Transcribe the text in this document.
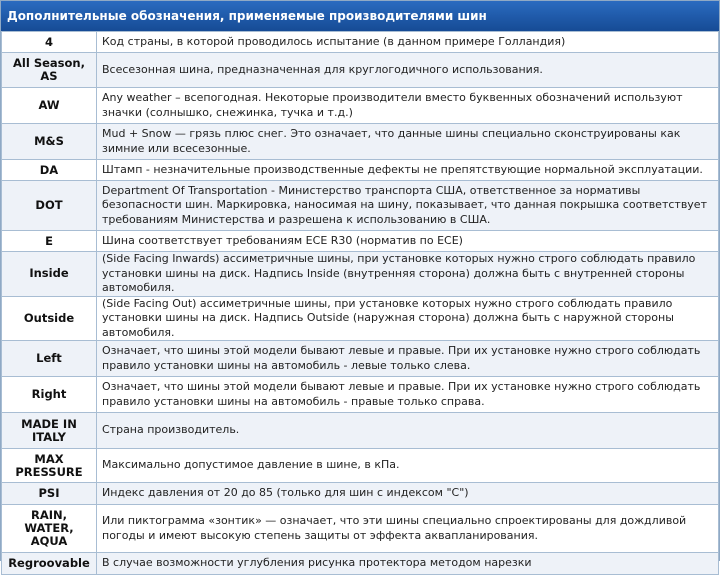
Дополнительные обозначения, применяемые производителями шин
4	Код страны, в которой проводилось испытание (в данном примере Голландия)
All Season, AS	Всесезонная шина, предназначенная для круглогодичного использования.
AW	Any weather – всепогодная. Некоторые производители вместо буквенных обозначений используют значки (солнышко, снежинка, тучка и т.д.)
M&S	Mud + Snow — грязь плюс снег. Это означает, что данные шины специально сконструированы как зимние или всесезонные.
DA	Штамп - незначительные производственные дефекты не препятствующие нормальной эксплуатации.
DOT	Department Of Transportation - Министерство транспорта США, ответственное за нормативы безопасности шин. Маркировка, наносимая на шину, показывает, что данная покрышка соответствует требованиям Министерства и разрешена к использованию в США.
E	Шина соответствует требованиям ECE R30 (норматив по ECE)
Inside	(Side Facing Inwards) ассиметричные шины, при установке которых нужно строго соблюдать правило установки шины на диск. Надпись Inside (внутренняя сторона) должна быть с внутренней стороны автомобиля.
Outside	(Side Facing Out) ассиметричные шины, при установке которых нужно строго соблюдать правило установки шины на диск. Надпись Outside (наружная сторона) должна быть с наружной стороны автомобиля.
Left	Означает, что шины этой модели бывают левые и правые. При их установке нужно строго соблюдать правило установки шины на автомобиль - левые только слева.
Right	Означает, что шины этой модели бывают левые и правые. При их установке нужно строго соблюдать правило установки шины на автомобиль - правые только справа.
MADE IN ITALY	Страна производитель.
MAX PRESSURE	Максимально допустимое давление в шине, в кПа.
PSI	Индекс давления от 20 до 85 (только для шин с индексом "C")
RAIN, WATER, AQUA	Или пиктограмма «зонтик» — означает, что эти шины специально спроектированы для дождливой погоды и имеют высокую степень защиты от эффекта аквапланирования.
Regroovable	В случае возможности углубления рисунка протектора методом нарезки
